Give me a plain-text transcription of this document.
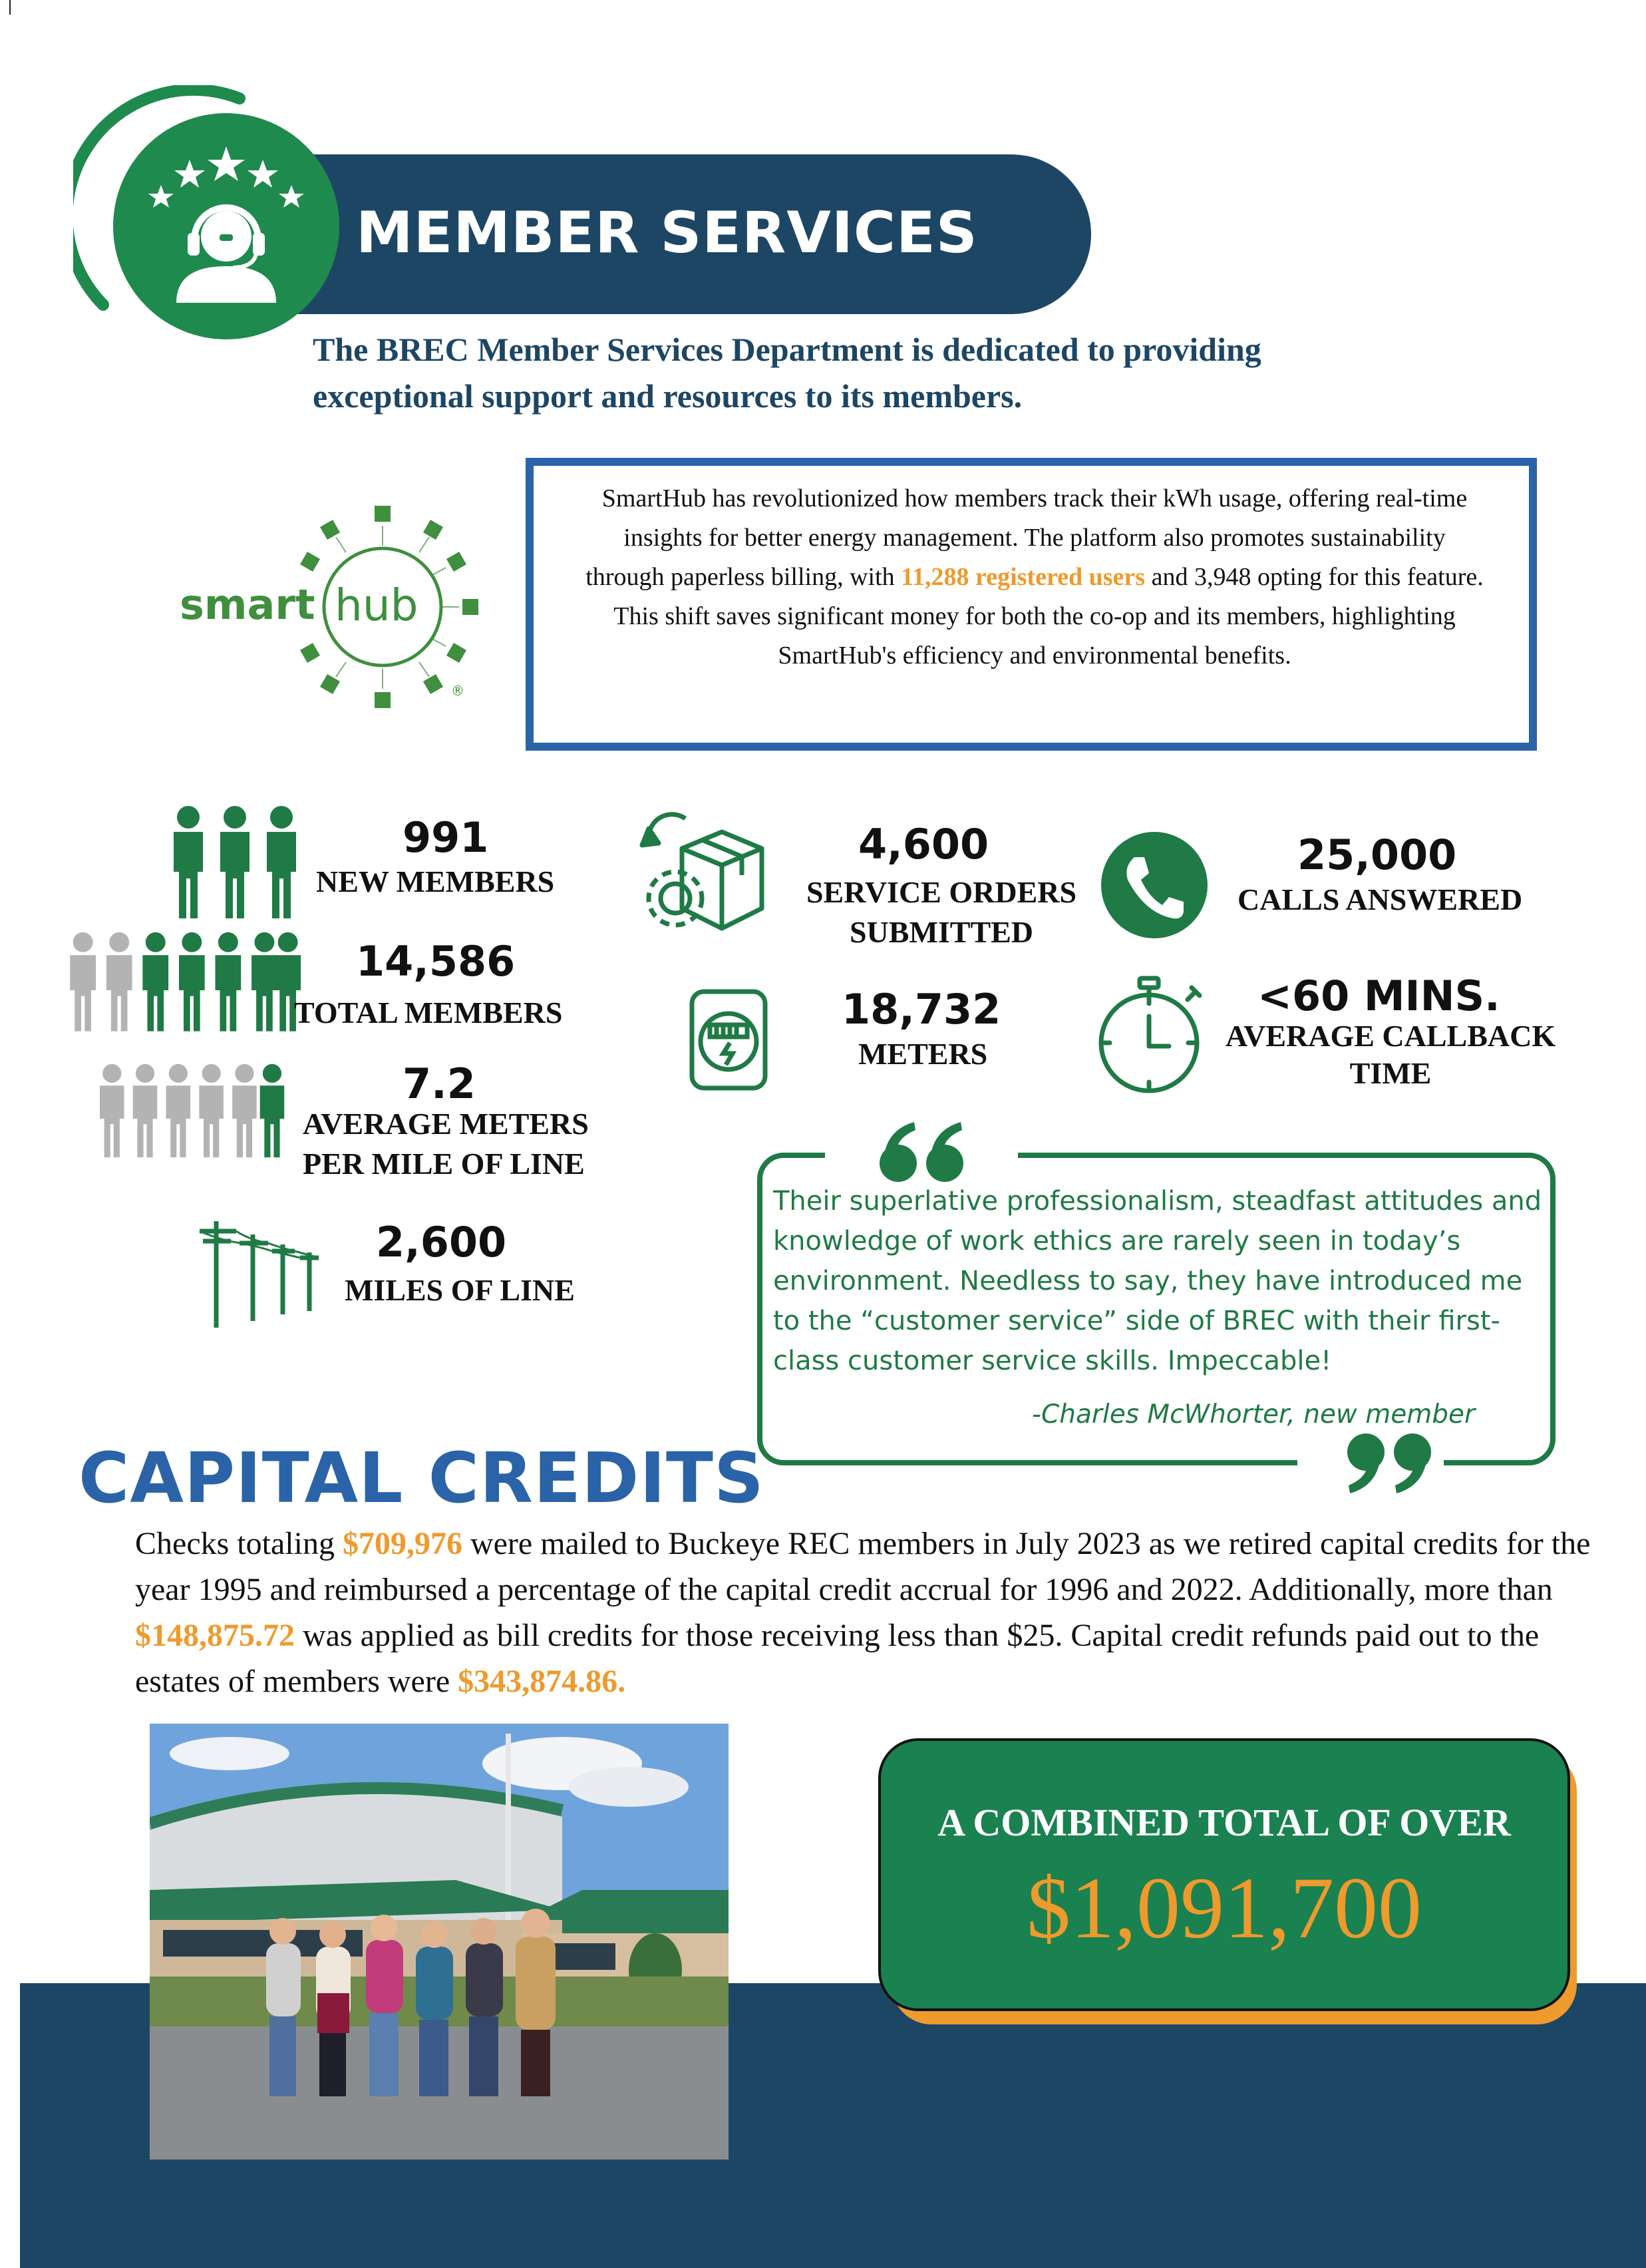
MEMBER SERVICES
The BREC Member Services Department is dedicated to providing exceptional support and resources to its members.
smart hub
®
SmartHub has revolutionized how members track their kWh usage, offering real-time insights for better energy management. The platform also promotes sustainability through paperless billing, with 11,288 registered users and 3,948 opting for this feature. This shift saves significant money for both the co-op and its members, highlighting SmartHub's efficiency and environmental benefits.
991
NEW MEMBERS
14,586
TOTAL MEMBERS
7.2
AVERAGE METERS
PER MILE OF LINE
2,600
MILES OF LINE
4,600
SERVICE ORDERS
SUBMITTED
18,732
METERS
25,000
CALLS ANSWERED
<60 MINS.
AVERAGE CALLBACK
TIME
Their superlative professionalism, steadfast attitudes and knowledge of work ethics are rarely seen in today’s environment. Needless to say, they have introduced me to the “customer service” side of BREC with their first-class customer service skills. Impeccable!
-Charles McWhorter, new member
CAPITAL CREDITS
Checks totaling $709,976 were mailed to Buckeye REC members in July 2023 as we retired capital credits for the year 1995 and reimbursed a percentage of the capital credit accrual for 1996 and 2022. Additionally, more than $148,875.72 was applied as bill credits for those receiving less than $25. Capital credit refunds paid out to the estates of members were $343,874.86.
A COMBINED TOTAL OF OVER
$1,091,700
